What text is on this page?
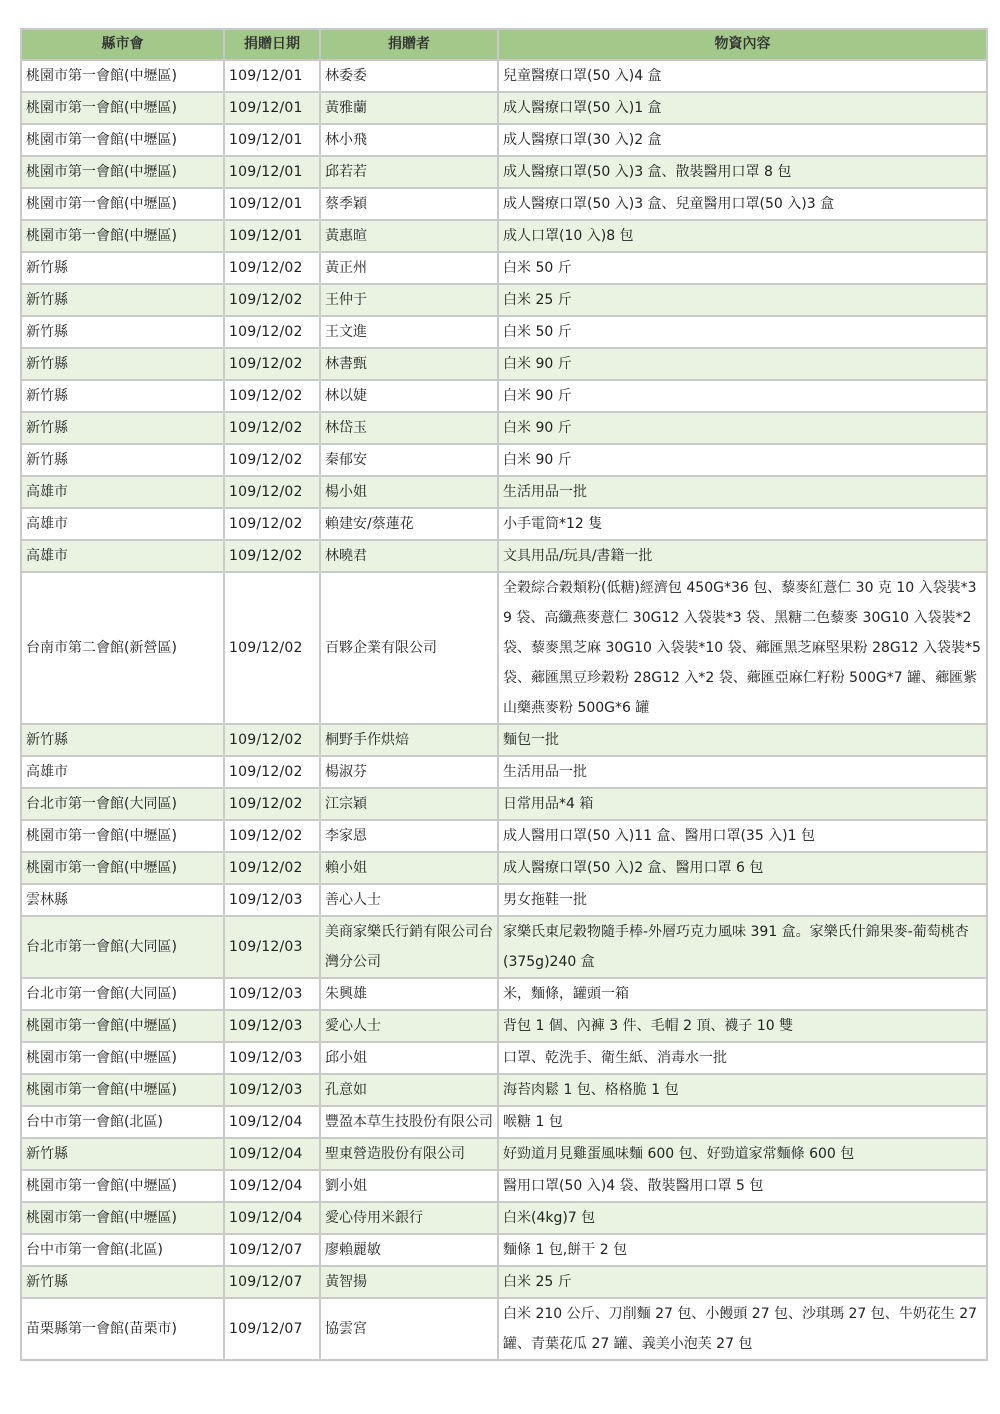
縣市會	捐贈日期	捐贈者	物資內容
桃園市第一會館(中壢區)	109/12/01	林委委	兒童醫療口罩(50 入)4 盒
桃園市第一會館(中壢區)	109/12/01	黃雅蘭	成人醫療口罩(50 入)1 盒
桃園市第一會館(中壢區)	109/12/01	林小飛	成人醫療口罩(30 入)2 盒
桃園市第一會館(中壢區)	109/12/01	邱若若	成人醫療口罩(50 入)3 盒、散裝醫用口罩 8 包
桃園市第一會館(中壢區)	109/12/01	蔡季穎	成人醫療口罩(50 入)3 盒、兒童醫用口罩(50 入)3 盒
桃園市第一會館(中壢區)	109/12/01	黃惠暄	成人口罩(10 入)8 包
新竹縣	109/12/02	黃正州	白米 50 斤
新竹縣	109/12/02	王仲于	白米 25 斤
新竹縣	109/12/02	王文進	白米 50 斤
新竹縣	109/12/02	林書甄	白米 90 斤
新竹縣	109/12/02	林以婕	白米 90 斤
新竹縣	109/12/02	林岱玉	白米 90 斤
新竹縣	109/12/02	秦郁安	白米 90 斤
高雄市	109/12/02	楊小姐	生活用品一批
高雄市	109/12/02	賴建安/蔡蓮花	小手電筒*12 隻
高雄市	109/12/02	林曉君	文具用品/玩具/書籍一批
台南市第二會館(新營區)	109/12/02	百夥企業有限公司	全穀綜合穀類粉(低糖)經濟包 450G*36 包、藜麥紅薏仁 30 克 10 入袋裝*39 袋、高纖燕麥薏仁 30G12 入袋裝*3 袋、黑糖二色藜麥 30G10 入袋裝*2 袋、藜麥黑芝麻 30G10 入袋裝*10 袋、薌匯黑芝麻堅果粉 28G12 入袋裝*5 袋、薌匯黑豆珍穀粉 28G12 入*2 袋、薌匯亞麻仁籽粉 500G*7 罐、薌匯紫山藥燕麥粉 500G*6 罐
新竹縣	109/12/02	桐野手作烘焙	麵包一批
高雄市	109/12/02	楊淑芬	生活用品一批
台北市第一會館(大同區)	109/12/02	江宗穎	日常用品*4 箱
桃園市第一會館(中壢區)	109/12/02	李家恩	成人醫用口罩(50 入)11 盒、醫用口罩(35 入)1 包
桃園市第一會館(中壢區)	109/12/02	賴小姐	成人醫療口罩(50 入)2 盒、醫用口罩 6 包
雲林縣	109/12/03	善心人士	男女拖鞋一批
台北市第一會館(大同區)	109/12/03	美商家樂氏行銷有限公司台灣分公司	家樂氏東尼穀物隨手棒-外層巧克力風味 391 盒。家樂氏什錦果麥-葡萄桃杏(375g)240 盒
台北市第一會館(大同區)	109/12/03	朱興雄	米，麵條，罐頭一箱
桃園市第一會館(中壢區)	109/12/03	愛心人士	背包 1 個、內褲 3 件、毛帽 2 頂、襪子 10 雙
桃園市第一會館(中壢區)	109/12/03	邱小姐	口罩、乾洗手、衛生紙、消毒水一批
桃園市第一會館(中壢區)	109/12/03	孔意如	海苔肉鬆 1 包、格格脆 1 包
台中市第一會館(北區)	109/12/04	豐盈本草生技股份有限公司	喉糖 1 包
新竹縣	109/12/04	聖東營造股份有限公司	好勁道月見雞蛋風味麵 600 包、好勁道家常麵條 600 包
桃園市第一會館(中壢區)	109/12/04	劉小姐	醫用口罩(50 入)4 袋、散裝醫用口罩 5 包
桃園市第一會館(中壢區)	109/12/04	愛心侍用米銀行	白米(4kg)7 包
台中市第一會館(北區)	109/12/07	廖賴麗敏	麵條 1 包,餅干 2 包
新竹縣	109/12/07	黃智揚	白米 25 斤
苗栗縣第一會館(苗栗市)	109/12/07	協雲宮	白米 210 公斤、刀削麵 27 包、小饅頭 27 包、沙琪瑪 27 包、牛奶花生 27 罐、青葉花瓜 27 罐、義美小泡芙 27 包
